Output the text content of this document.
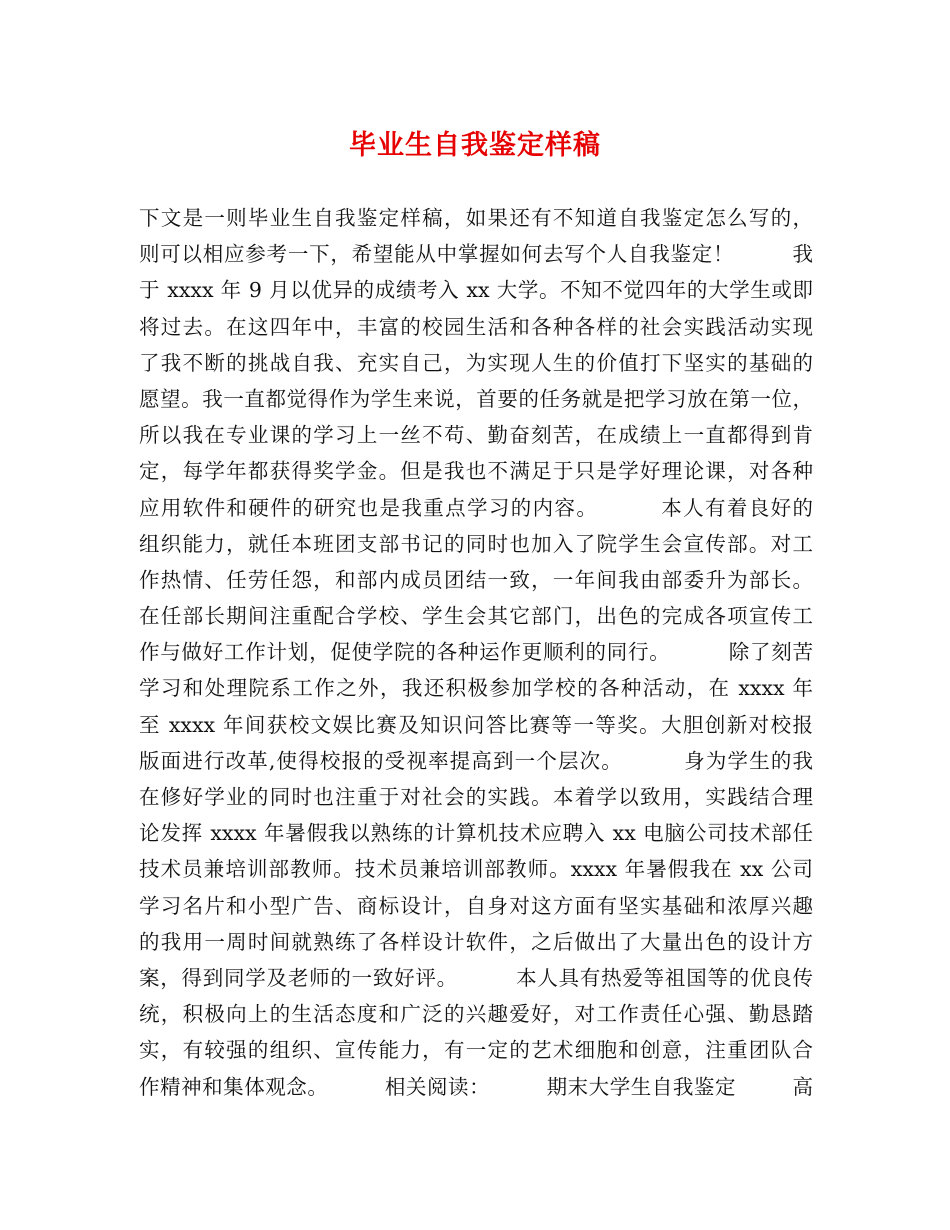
毕业生自我鉴定样稿
下文是一则毕业生自我鉴定样稿，如果还有不知道自我鉴定怎么写的，
则可以相应参考一下，希望能从中掌握如何去写个人自我鉴定！        我
于 xxxx 年 9 月以优异的成绩考入 xx 大学。不知不觉四年的大学生或即
将过去。在这四年中，丰富的校园生活和各种各样的社会实践活动实现
了我不断的挑战自我、充实自己，为实现人生的价值打下坚实的基础的
愿望。我一直都觉得作为学生来说，首要的任务就是把学习放在第一位，
所以我在专业课的学习上一丝不苟、勤奋刻苦，在成绩上一直都得到肯
定，每学年都获得奖学金。但是我也不满足于只是学好理论课，对各种
应用软件和硬件的研究也是我重点学习的内容。        本人有着良好的
组织能力，就任本班团支部书记的同时也加入了院学生会宣传部。对工
作热情、任劳任怨，和部内成员团结一致，一年间我由部委升为部长。
在任部长期间注重配合学校、学生会其它部门，出色的完成各项宣传工
作与做好工作计划，促使学院的各种运作更顺利的同行。        除了刻苦
学习和处理院系工作之外，我还积极参加学校的各种活动，在 xxxx 年
至 xxxx 年间获校文娱比赛及知识问答比赛等一等奖。大胆创新对校报
版面进行改革,使得校报的受视率提高到一个层次。        身为学生的我
在修好学业的同时也注重于对社会的实践。本着学以致用，实践结合理
论发挥 xxxx 年暑假我以熟练的计算机技术应聘入 xx 电脑公司技术部任
技术员兼培训部教师。技术员兼培训部教师。xxxx 年暑假我在 xx 公司
学习名片和小型广告、商标设计，自身对这方面有坚实基础和浓厚兴趣
的我用一周时间就熟练了各样设计软件，之后做出了大量出色的设计方
案，得到同学及老师的一致好评。        本人具有热爱等祖国等的优良传
统，积极向上的生活态度和广泛的兴趣爱好，对工作责任心强、勤恳踏
实，有较强的组织、宣传能力，有一定的艺术细胞和创意，注重团队合
作精神和集体观念。        相关阅读：        期末大学生自我鉴定        高
